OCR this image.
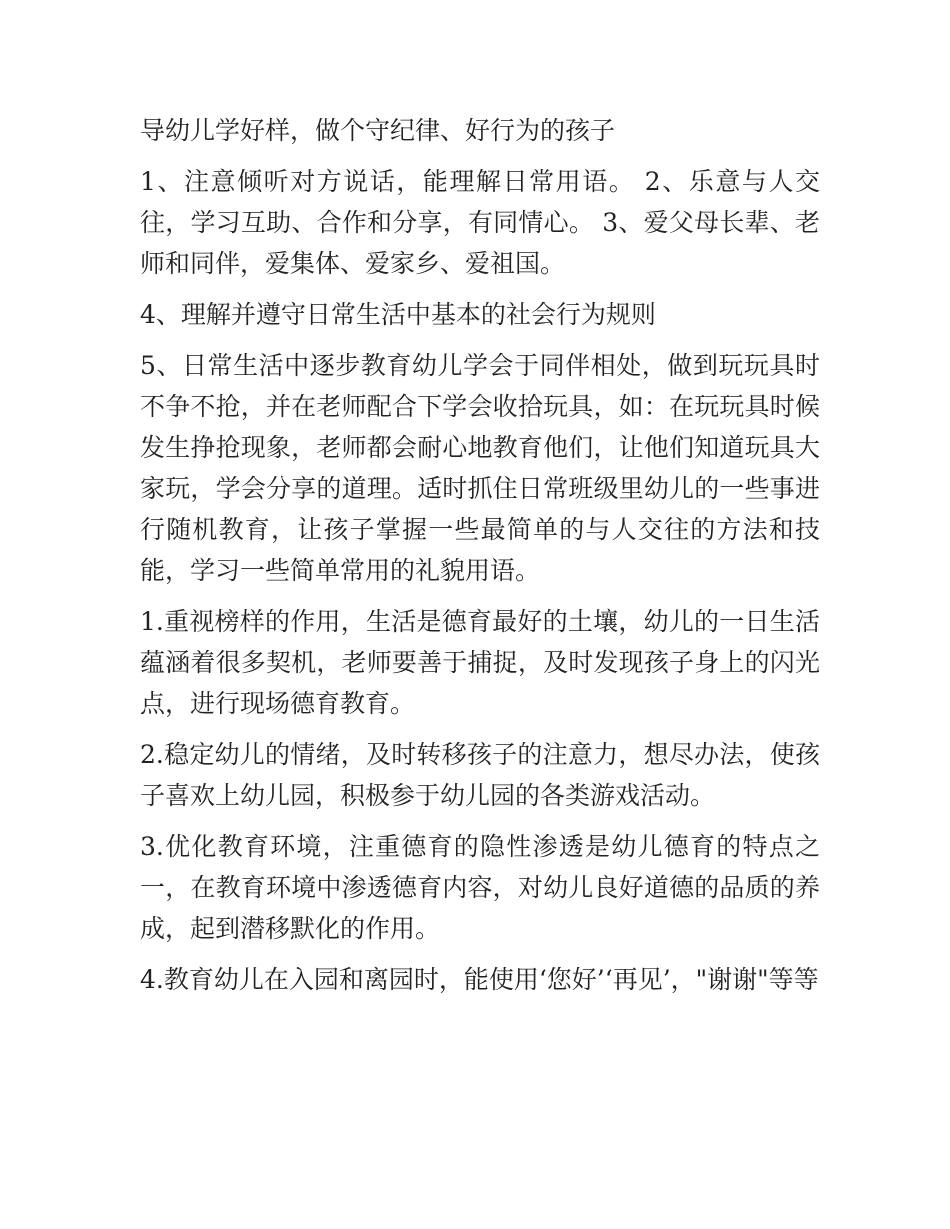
导幼儿学好样，做个守纪律、好行为的孩子

1、注意倾听对方说话，能理解日常用语。 2、乐意与人交往，学习互助、合作和分享，有同情心。 3、爱父母长辈、老师和同伴，爱集体、爱家乡、爱祖国。

4、理解并遵守日常生活中基本的社会行为规则

5、日常生活中逐步教育幼儿学会于同伴相处，做到玩玩具时不争不抢，并在老师配合下学会收拾玩具，如：在玩玩具时候发生挣抢现象，老师都会耐心地教育他们，让他们知道玩具大家玩，学会分享的道理。适时抓住日常班级里幼儿的一些事进行随机教育，让孩子掌握一些最简单的与人交往的方法和技能，学习一些简单常用的礼貌用语。

1.重视榜样的作用，生活是德育最好的土壤，幼儿的一日生活蕴涵着很多契机，老师要善于捕捉，及时发现孩子身上的闪光点，进行现场德育教育。

2.稳定幼儿的情绪，及时转移孩子的注意力，想尽办法，使孩子喜欢上幼儿园，积极参于幼儿园的各类游戏活动。

3.优化教育环境，注重德育的隐性渗透是幼儿德育的特点之一，在教育环境中渗透德育内容，对幼儿良好道德的品质的养成，起到潜移默化的作用。

4.教育幼儿在入园和离园时，能使用‘您好’‘再见’，"谢谢"等等
